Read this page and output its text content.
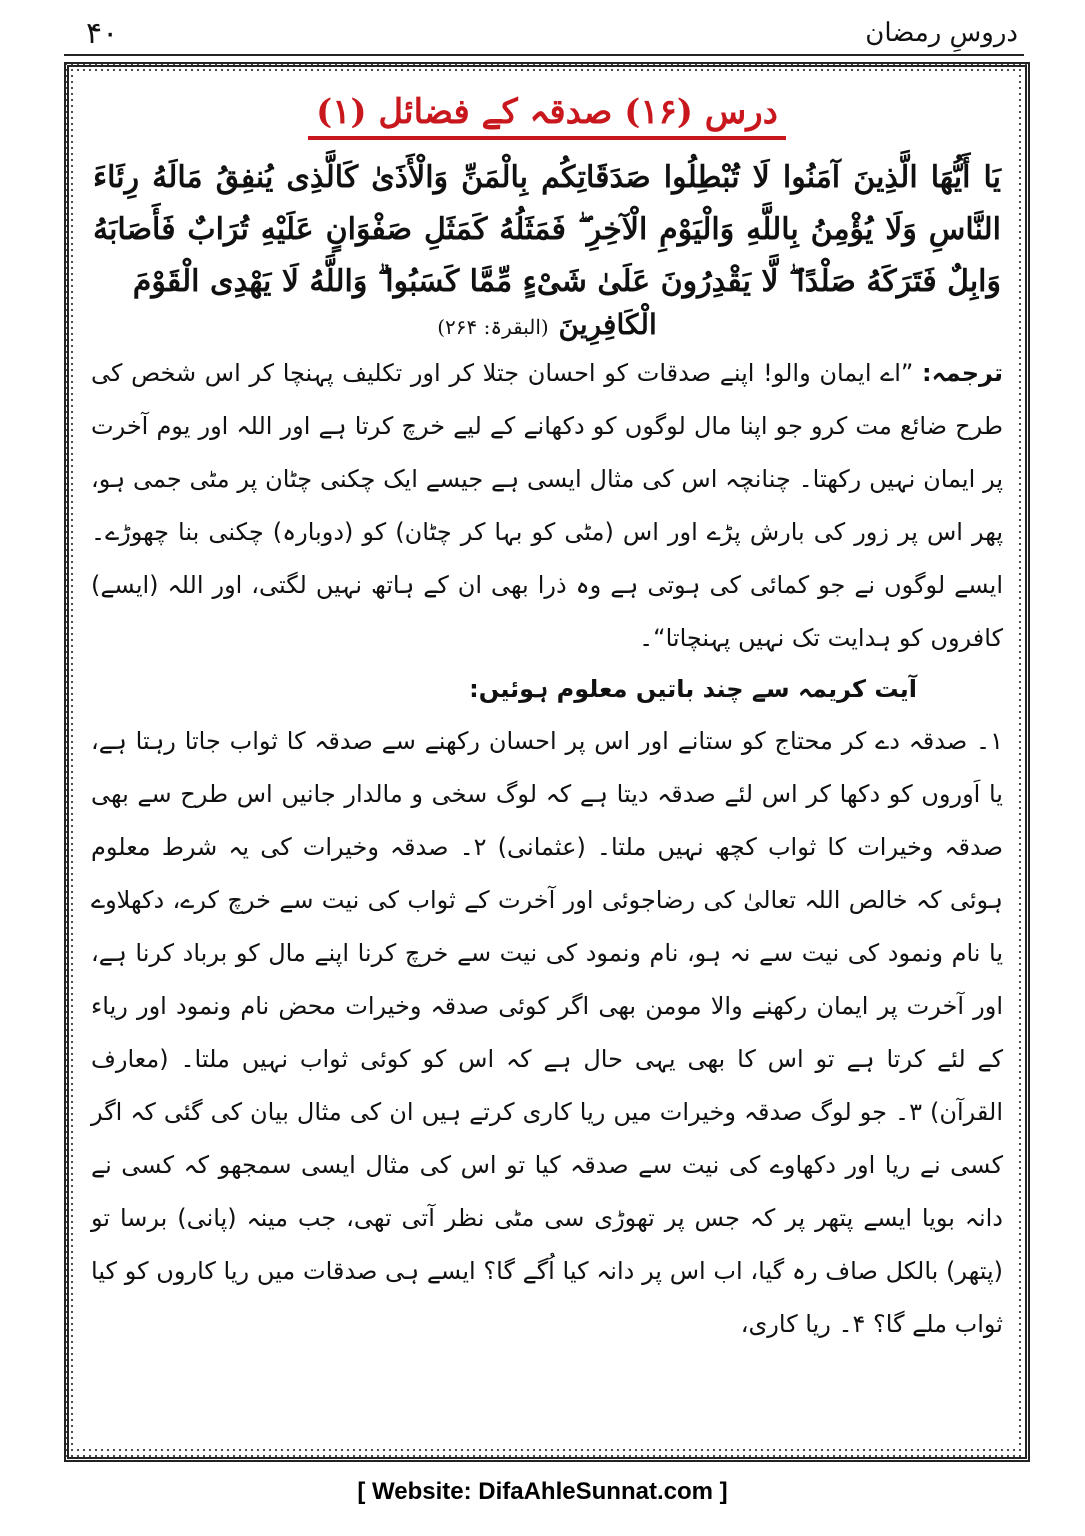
۴۰	دروسِ رمضان
درس (۱۶) صدقہ کے فضائل (۱)
یَا أَیُّهَا الَّذِینَ آمَنُوا لَا تُبْطِلُوا صَدَقَاتِکُم بِالْمَنِّ وَالْأَذَىٰ کَالَّذِی یُنفِقُ مَالَهُ رِئَاءَ النَّاسِ وَلَا یُؤْمِنُ بِاللَّهِ وَالْیَوْمِ الْآخِرِ ۖ فَمَثَلُهُ کَمَثَلِ صَفْوَانٍ عَلَیْهِ تُرَابٌ فَأَصَابَهُ وَابِلٌ فَتَرَکَهُ صَلْدًا ۖ لَّا یَقْدِرُونَ عَلَىٰ شَیْءٍ مِّمَّا کَسَبُوا ۗ وَاللَّهُ لَا یَهْدِی الْقَوْمَ
الْکَافِرِینَ (البقرۃ: ۲۶۴)
ترجمہ: ”اے ایمان والو! اپنے صدقات کو احسان جتلا کر اور تکلیف پہنچا کر اس شخص کی طرح ضائع مت کرو جو اپنا مال لوگوں کو دکھانے کے لیے خرچ کرتا ہے اور اللہ اور یوم آخرت پر ایمان نہیں رکھتا۔ چنانچہ اس کی مثال ایسی ہے جیسے ایک چکنی چٹان پر مٹی جمی ہو، پھر اس پر زور کی بارش پڑے اور اس (مٹی کو بہا کر چٹان) کو (دوبارہ) چکنی بنا چھوڑے۔ ایسے لوگوں نے جو کمائی کی ہوتی ہے وہ ذرا بھی ان کے ہاتھ نہیں لگتی، اور اللہ (ایسے) کافروں کو ہدایت تک نہیں پہنچاتا“۔
آیت کریمہ سے چند باتیں معلوم ہوئیں:
۱۔ صدقہ دے کر محتاج کو ستانے اور اس پر احسان رکھنے سے صدقہ کا ثواب جاتا رہتا ہے، یا اَوروں کو دکھا کر اس لئے صدقہ دیتا ہے کہ لوگ سخی و مالدار جانیں اس طرح سے بھی صدقہ وخیرات کا ثواب کچھ نہیں ملتا۔ (عثمانی) ۲۔ صدقہ وخیرات کی یہ شرط معلوم ہوئی کہ خالص اللہ تعالیٰ کی رضاجوئی اور آخرت کے ثواب کی نیت سے خرچ کرے، دکھلاوے یا نام ونمود کی نیت سے نہ ہو، نام ونمود کی نیت سے خرچ کرنا اپنے مال کو برباد کرنا ہے، اور آخرت پر ایمان رکھنے والا مومن بھی اگر کوئی صدقہ وخیرات محض نام ونمود اور ریاء کے لئے کرتا ہے تو اس کا بھی یہی حال ہے کہ اس کو کوئی ثواب نہیں ملتا۔ (معارف القرآن) ۳۔ جو لوگ صدقہ وخیرات میں ریا کاری کرتے ہیں ان کی مثال بیان کی گئی کہ اگر کسی نے ریا اور دکھاوے کی نیت سے صدقہ کیا تو اس کی مثال ایسی سمجھو کہ کسی نے دانہ بویا ایسے پتھر پر کہ جس پر تھوڑی سی مٹی نظر آتی تھی، جب مینہ (پانی) برسا تو (پتھر) بالکل صاف رہ گیا، اب اس پر دانہ کیا اُگے گا؟ ایسے ہی صدقات میں ریا کاروں کو کیا ثواب ملے گا؟ ۴۔ ریا کاری،
[ Website: DifaAhleSunnat.com ]
